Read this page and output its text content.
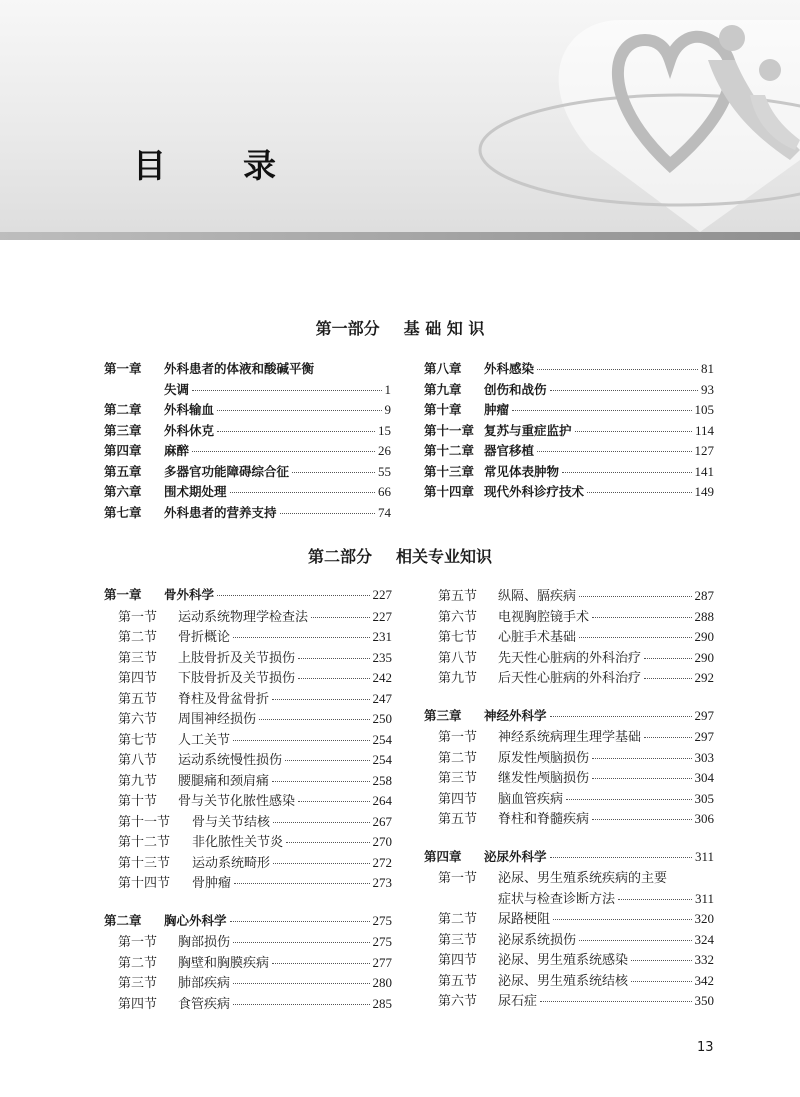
目　录
第一部分 基 础 知 识
第一章 外科患者的体液和酸碱平衡
失调	1
第二章 外科输血	9
第三章 外科休克	15
第四章 麻醉	26
第五章 多器官功能障碍综合征	55
第六章 围术期处理	66
第七章 外科患者的营养支持	74
第八章 外科感染	81
第九章 创伤和战伤	93
第十章 肿瘤	105
第十一章 复苏与重症监护	114
第十二章 器官移植	127
第十三章 常见体表肿物	141
第十四章 现代外科诊疗技术	149
第二部分 相关专业知识
第一章 骨外科学	227
第一节 运动系统物理学检查法	227
第二节 骨折概论	231
第三节 上肢骨折及关节损伤	235
第四节 下肢骨折及关节损伤	242
第五节 脊柱及骨盆骨折	247
第六节 周围神经损伤	250
第七节 人工关节	254
第八节 运动系统慢性损伤	254
第九节 腰腿痛和颈肩痛	258
第十节 骨与关节化脓性感染	264
第十一节 骨与关节结核	267
第十二节 非化脓性关节炎	270
第十三节 运动系统畸形	272
第十四节 骨肿瘤	273
第二章 胸心外科学	275
第一节 胸部损伤	275
第二节 胸壁和胸膜疾病	277
第三节 肺部疾病	280
第四节 食管疾病	285
第五节 纵隔、膈疾病	287
第六节 电视胸腔镜手术	288
第七节 心脏手术基础	290
第八节 先天性心脏病的外科治疗	290
第九节 后天性心脏病的外科治疗	292
第三章 神经外科学	297
第一节 神经系统病理生理学基础	297
第二节 原发性颅脑损伤	303
第三节 继发性颅脑损伤	304
第四节 脑血管疾病	305
第五节 脊柱和脊髓疾病	306
第四章 泌尿外科学	311
第一节 泌尿、男生殖系统疾病的主要
症状与检查诊断方法	311
第二节 尿路梗阻	320
第三节 泌尿系统损伤	324
第四节 泌尿、男生殖系统感染	332
第五节 泌尿、男生殖系统结核	342
第六节 尿石症	350

13
